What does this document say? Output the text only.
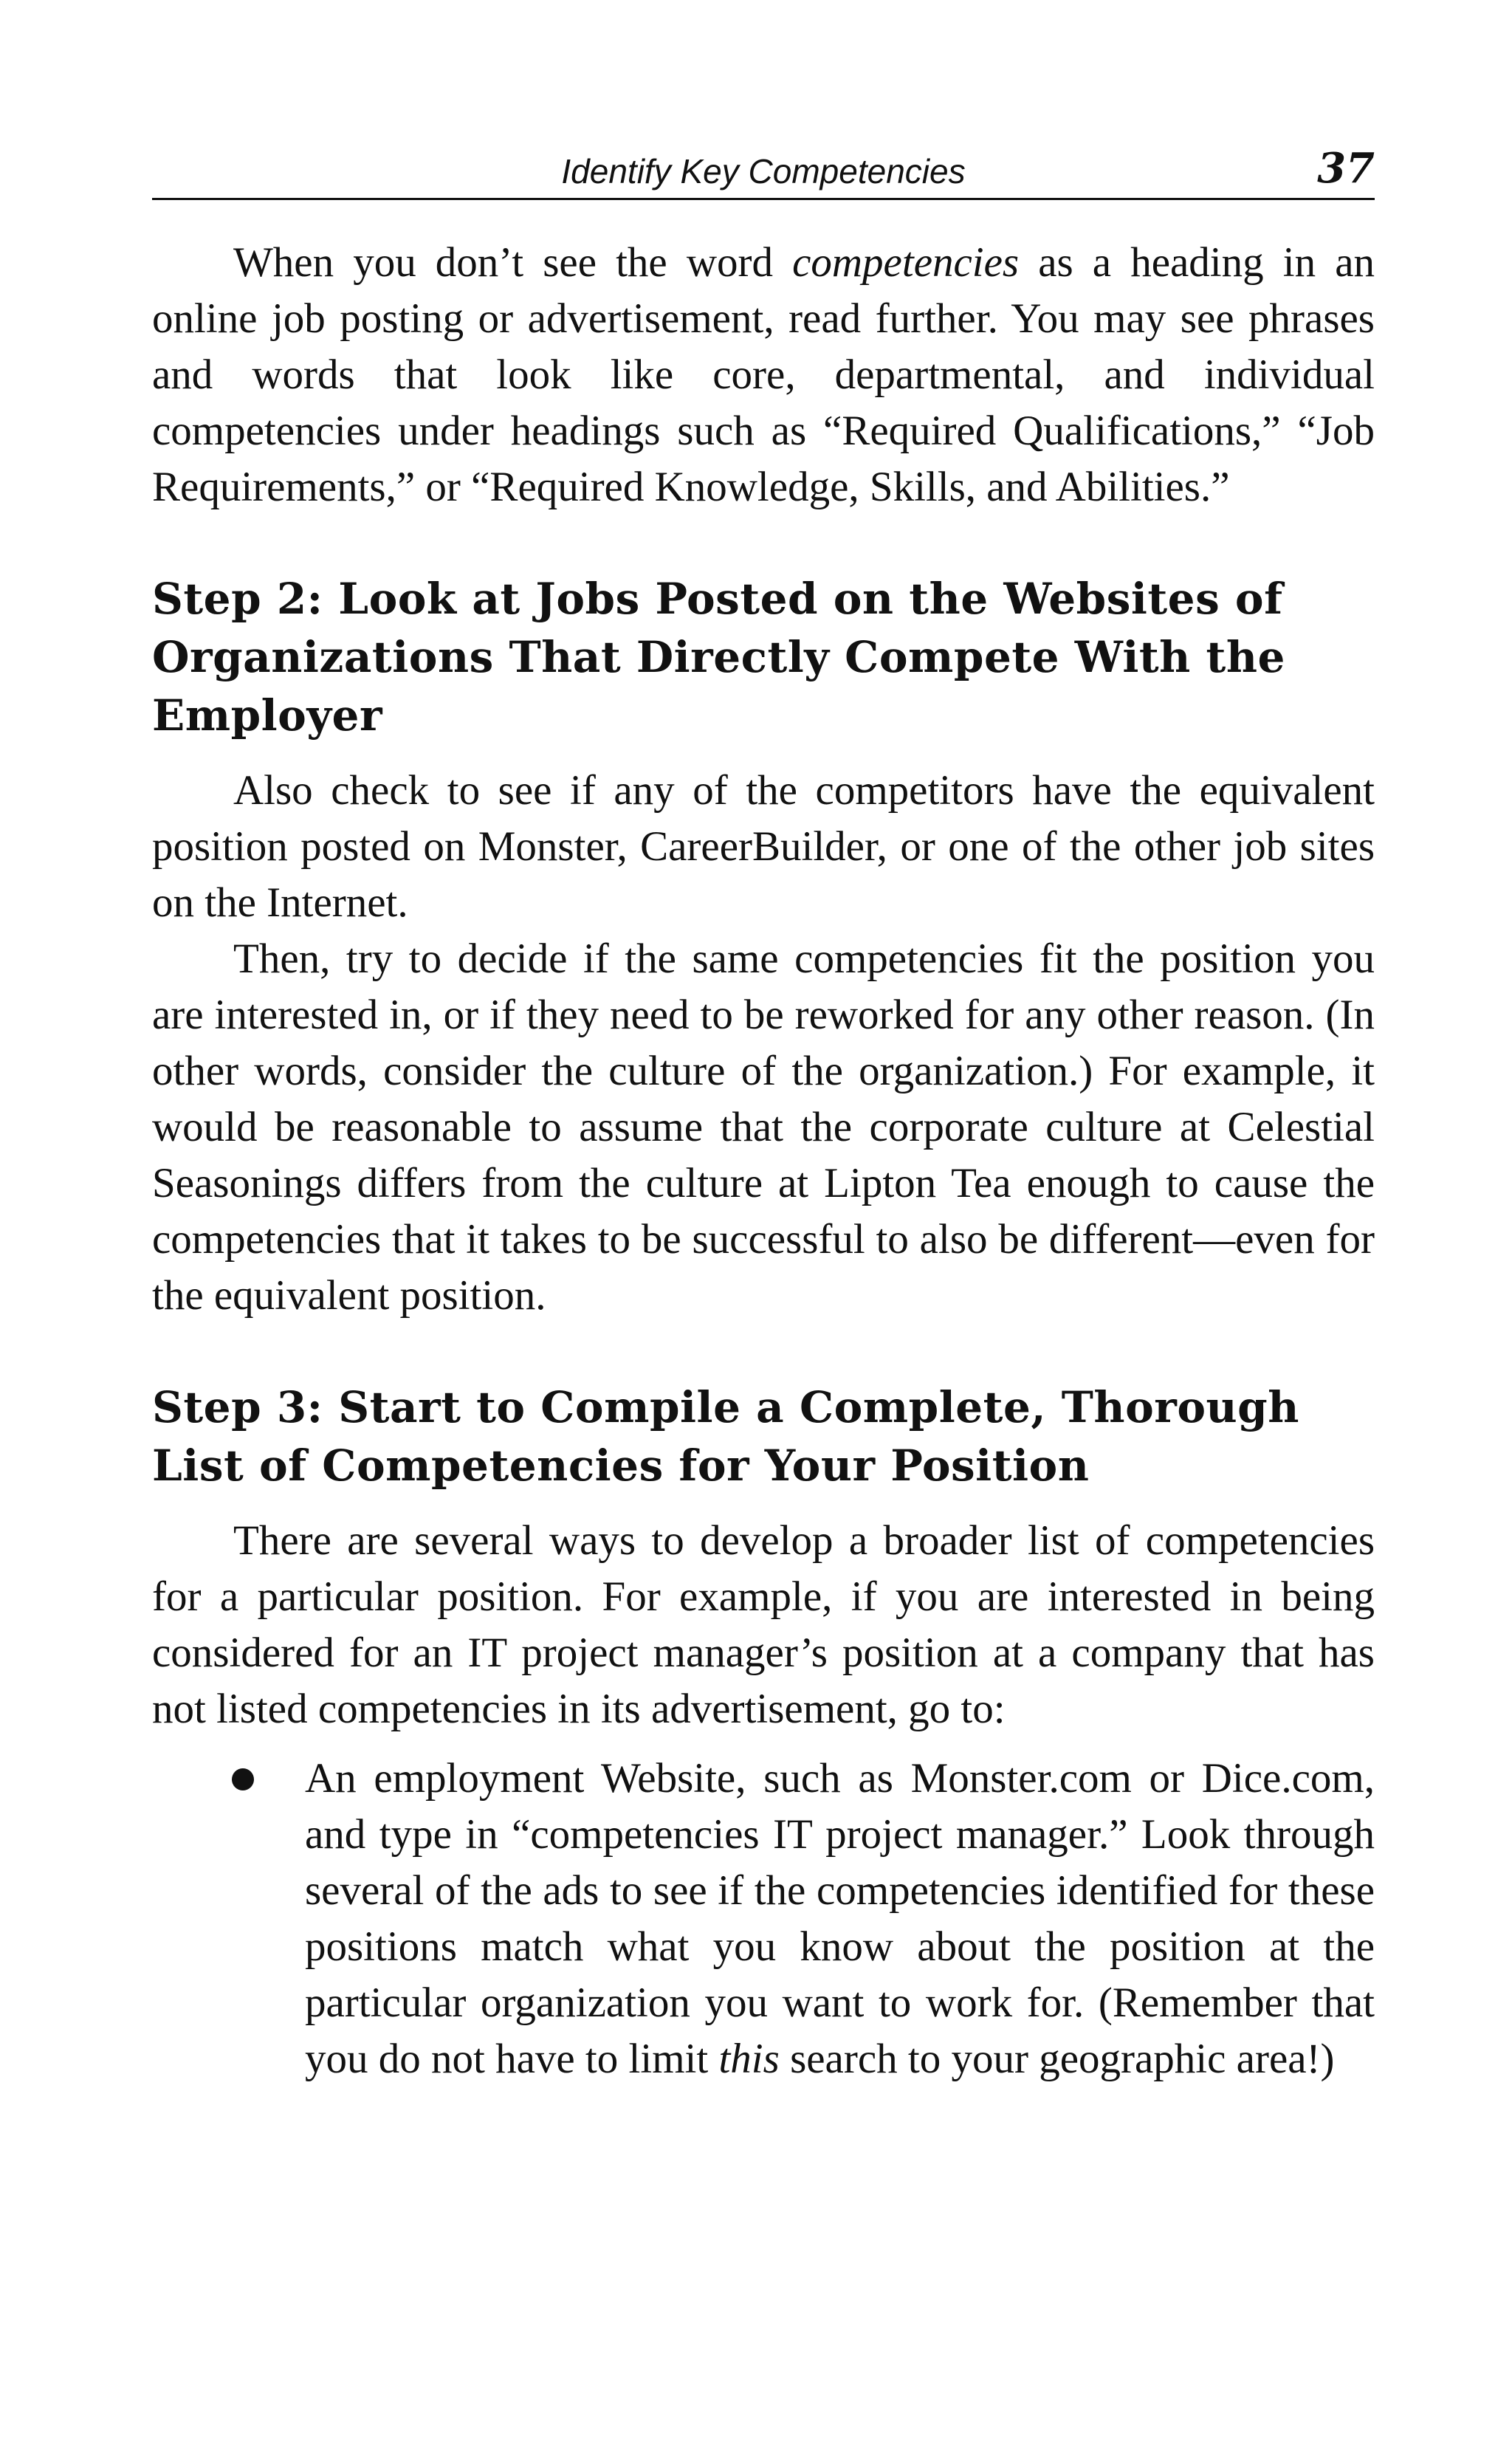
Identify Key Competencies	37

When you don’t see the word competencies as a heading in an online job posting or advertisement, read further. You may see phrases and words that look like core, departmental, and individual competencies under headings such as “Required Qualifications,” “Job Requirements,” or “Required Knowledge, Skills, and Abilities.”

Step 2: Look at Jobs Posted on the Websites of Organizations That Directly Compete With the Employer

Also check to see if any of the competitors have the equivalent position posted on Monster, CareerBuilder, or one of the other job sites on the Internet.

Then, try to decide if the same competencies fit the position you are interested in, or if they need to be reworked for any other reason. (In other words, consider the culture of the organization.) For example, it would be reasonable to assume that the corporate culture at Celestial Seasonings differs from the culture at Lipton Tea enough to cause the competencies that it takes to be successful to also be different—even for the equivalent position.

Step 3: Start to Compile a Complete, Thorough List of Competencies for Your Position

There are several ways to develop a broader list of competencies for a particular position. For example, if you are interested in being considered for an IT project manager’s position at a company that has not listed competencies in its advertisement, go to:

An employment Website, such as Monster.com or Dice.com, and type in “competencies IT project manager.” Look through several of the ads to see if the competencies identified for these positions match what you know about the position at the particular organization you want to work for. (Remember that you do not have to limit this search to your geographic area!)
